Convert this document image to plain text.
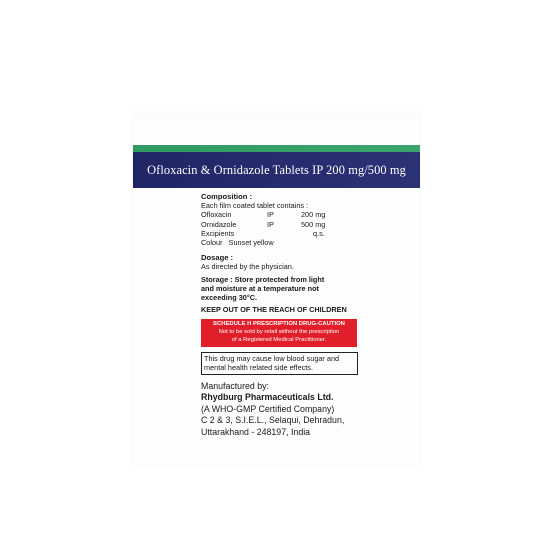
Ofloxacin & Ornidazole Tablets IP 200 mg/500 mg
Composition :
Each film coated tablet contains :
Ofloxacin	IP	200 mg
Ornidazole	IP	500 mg
Excipients	q.s.
Colour   Sunset yellow
Dosage :
As directed by the physician.
Storage : Store protected from light
and moisture at a temperature not
exceeding 30°C.
KEEP OUT OF THE REACH OF CHILDREN
SCHEDULE H PRESCRIPTION DRUG-CAUTION
Not to be sold by retail without the prescription
of a Registered Medical Practitioner.
This drug may cause low blood sugar and
mental health related side effects.
Manufactured by:
Rhydburg Pharmaceuticals Ltd.
(A WHO-GMP Certified Company)
C 2 & 3, S.I.E.L., Selaqui, Dehradun,
Uttarakhand - 248197, India
